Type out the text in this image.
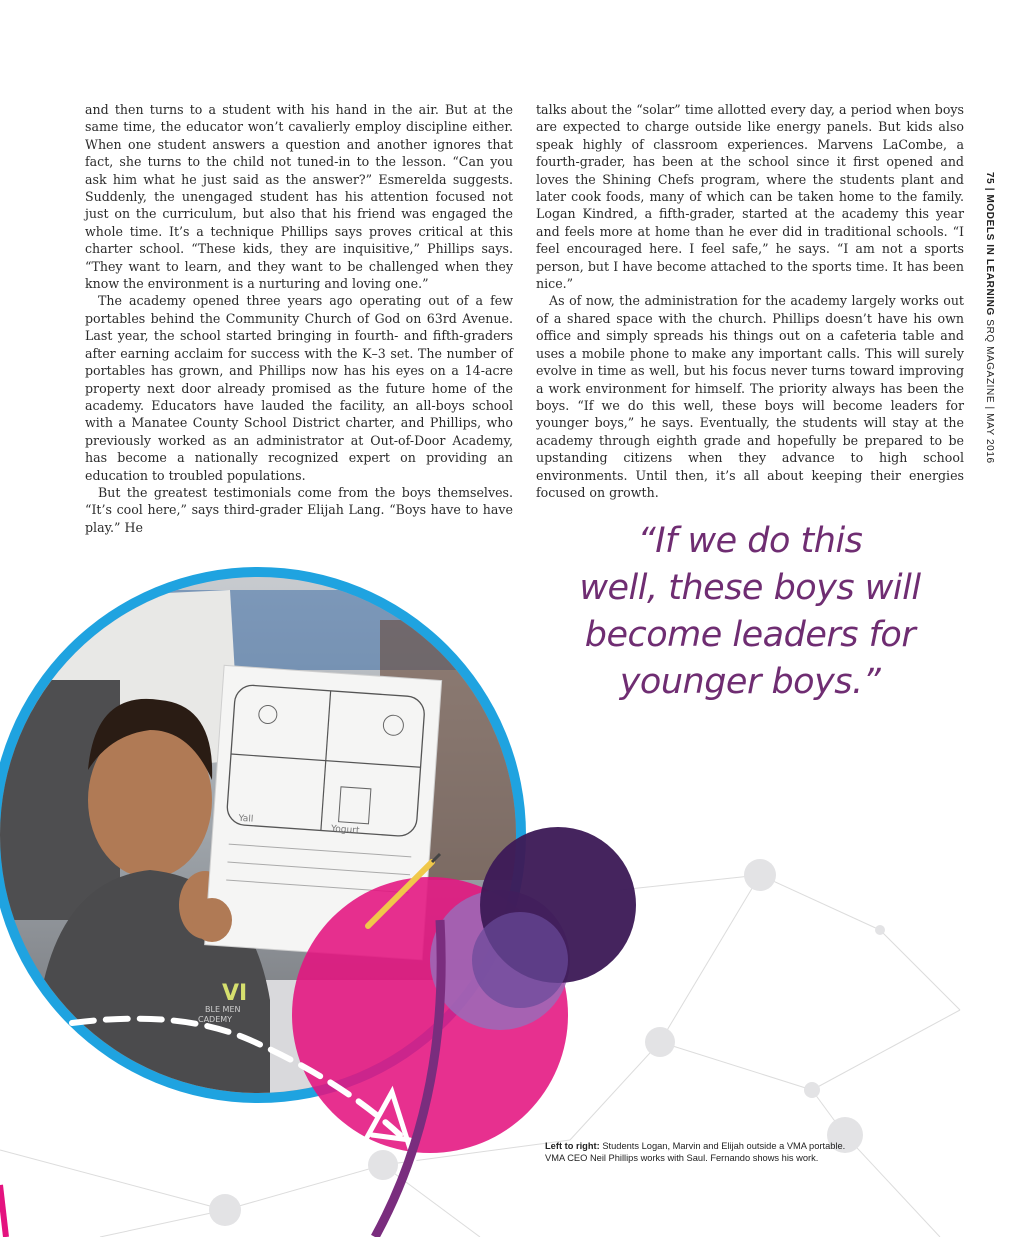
Yall
Yogurt
VI
BLE MEN
CADEMY

and then turns to a student with his hand in the air. But at the same time, the educator won’t cavalierly employ discipline either. When one student answers a question and another ignores that fact, she turns to the child not tuned-in to the lesson. “Can you ask him what he just said as the answer?” Esmerelda suggests. Suddenly, the unengaged student has his attention focused not just on the curriculum, but also that his friend was engaged the whole time. It’s a technique Phillips says proves critical at this charter school. “These kids, they are inquisitive,” Phillips says. “They want to learn, and they want to be challenged when they know the environment is a nurturing and loving one.”

The academy opened three years ago operating out of a few portables behind the Community Church of God on 63rd Avenue. Last year, the school started bringing in fourth- and fifth-graders after earning acclaim for success with the K–3 set. The number of portables has grown, and Phillips now has his eyes on a 14-acre property next door already promised as the future home of the academy. Educators have lauded the facility, an all-boys school with a Manatee County School District charter, and Phillips, who previously worked as an administrator at Out-of-Door Academy, has become a nationally recognized expert on providing an education to troubled populations.

But the greatest testimonials come from the boys themselves. “It’s cool here,” says third-grader Elijah Lang. “Boys have to have play.” He

talks about the “solar” time allotted every day, a period when boys are expected to charge outside like energy panels. But kids also speak highly of classroom experiences. Marvens LaCombe, a fourth-grader, has been at the school since it first opened and loves the Shining Chefs program, where the students plant and later cook foods, many of which can be taken home to the family. Logan Kindred, a fifth-grader, started at the academy this year and feels more at home than he ever did in traditional schools. “I feel encouraged here. I feel safe,” he says. “I am not a sports person, but I have become attached to the sports time. It has been nice.”

As of now, the administration for the academy largely works out of a shared space with the church. Phillips doesn’t have his own office and simply spreads his things out on a cafeteria table and uses a mobile phone to make any important calls. This will surely evolve in time as well, but his focus never turns toward improving a work environment for himself. The priority always has been the boys. “If we do this well, these boys will become leaders for younger boys,” he says. Eventually, the students will stay at the academy through eighth grade and hopefully be prepared to be upstanding citizens when they advance to high school environments. Until then, it’s all about keeping their energies focused on growth.

75 | MODELS IN LEARNING SRQ MAGAZINE | MAY 2016
“If we do this
well, these boys will
become leaders for
younger boys.”
Left to right: Students Logan, Marvin and Elijah outside a VMA portable.
VMA CEO Neil Phillips works with Saul. Fernando shows his work.
